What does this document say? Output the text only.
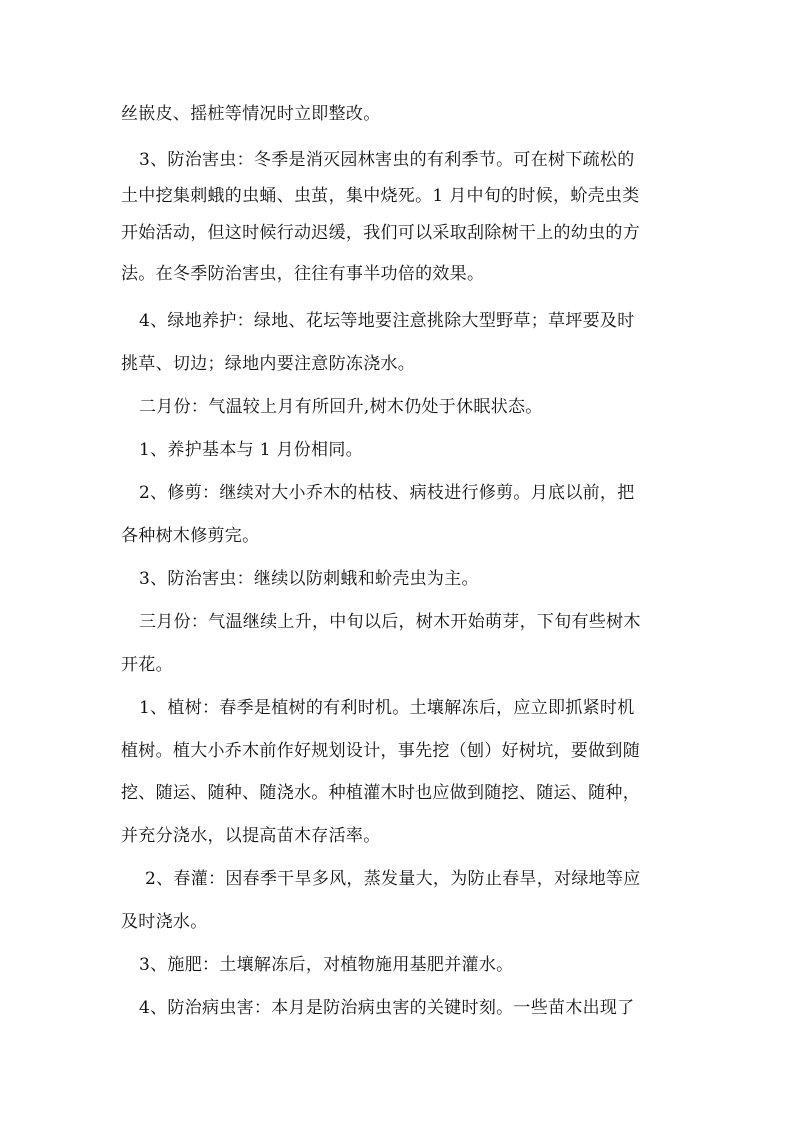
丝嵌皮、摇桩等情况时立即整改。
3、防治害虫：冬季是消灭园林害虫的有利季节。可在树下疏松的
土中挖集刺蛾的虫蛹、虫茧，集中烧死。1 月中旬的时候，蚧壳虫类
开始活动，但这时候行动迟缓，我们可以采取刮除树干上的幼虫的方
法。在冬季防治害虫，往往有事半功倍的效果。
4、绿地养护：绿地、花坛等地要注意挑除大型野草；草坪要及时
挑草、切边；绿地内要注意防冻浇水。
二月份：气温较上月有所回升,树木仍处于休眠状态。
1、养护基本与 1 月份相同。
2、修剪：继续对大小乔木的枯枝、病枝进行修剪。月底以前，把
各种树木修剪完。
3、防治害虫：继续以防刺蛾和蚧壳虫为主。
三月份：气温继续上升，中旬以后，树木开始萌芽，下旬有些树木
开花。
1、植树：春季是植树的有利时机。土壤解冻后，应立即抓紧时机
植树。植大小乔木前作好规划设计，事先挖（刨）好树坑，要做到随
挖、随运、随种、随浇水。种植灌木时也应做到随挖、随运、随种，
并充分浇水，以提高苗木存活率。
2、春灌：因春季干旱多风，蒸发量大，为防止春旱，对绿地等应
及时浇水。
3、施肥：土壤解冻后，对植物施用基肥并灌水。
4、防治病虫害：本月是防治病虫害的关键时刻。一些苗木出现了
